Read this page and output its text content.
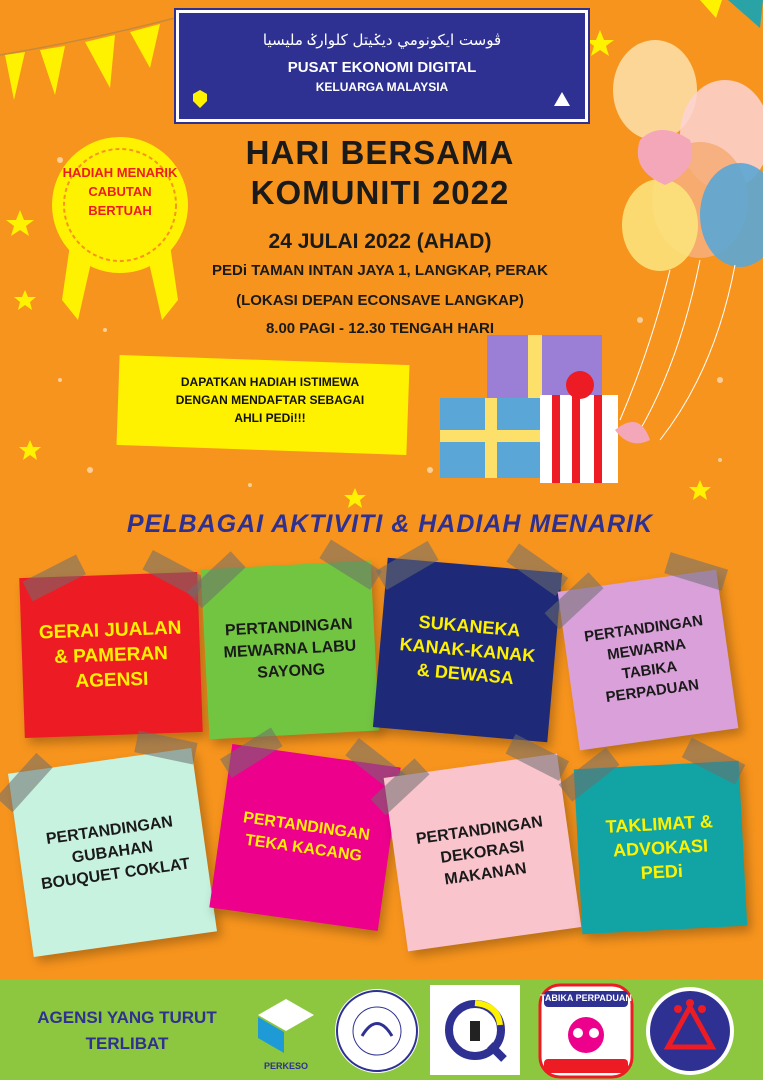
ڤوست ايکونومي ديݢيتل کلوارݢ مليسيا
PUSAT EKONOMI DIGITAL
KELUARGA MALAYSIA
HADIAH MENARIK CABUTAN BERTUAH
HARI BERSAMA
KOMUNITI 2022
24 JULAI 2022 (AHAD)
PEDi TAMAN INTAN JAYA 1, LANGKAP, PERAK
(LOKASI DEPAN ECONSAVE LANGKAP)
8.00 PAGI - 12.30 TENGAH HARI
DAPATKAN HADIAH ISTIMEWA
DENGAN MENDAFTAR SEBAGAI
AHLI PEDi!!!
PELBAGAI AKTIVITI & HADIAH MENARIK
GERAI JUALAN & PAMERAN AGENSI
PERTANDINGAN MEWARNA LABU SAYONG
SUKANEKA KANAK-KANAK & DEWASA
PERTANDINGAN MEWARNA TABIKA PERPADUAN
PERTANDINGAN GUBAHAN BOUQUET COKLAT
PERTANDINGAN TEKA KACANG
PERTANDINGAN DEKORASI MAKANAN
TAKLIMAT & ADVOKASI PEDi
AGENSI YANG TURUT
TERLIBAT
PERKESO
TABIKA PERPADUAN
